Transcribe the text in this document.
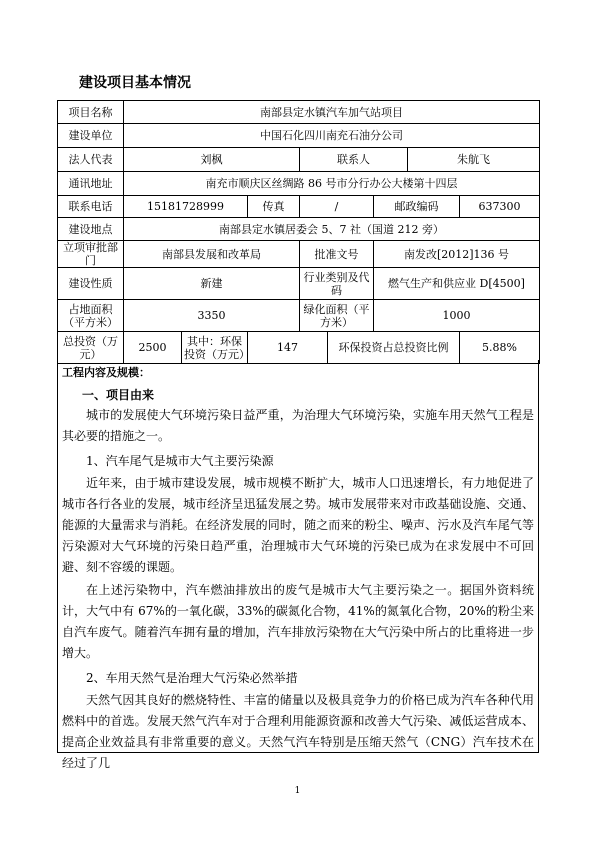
建设项目基本情况
项目名称	南部县定水镇汽车加气站项目							
建设单位	中国石化四川南充石油分公司							
法人代表	刘枫			联系人			朱航飞	
通讯地址	南充市顺庆区丝绸路 86 号市分行办公大楼第十四层							
联系电话	15181728999		传真	/		邮政编码		637300
建设地点	南部县定水镇居委会 5、7 社（国道 212 旁）							
立项审批部门	南部县发展和改革局			批准文号		南发改[2012]136 号		
建设性质	新建			行业类别及代码		燃气生产和供应业 D[4500]		
占地面积（平方米）	3350			绿化面积（平方米）		1000		
总投资（万元）	2500	其中：环保投资（万元）	147		环保投资占总投资比例			5.88%
工程内容及规模：
一、项目由来

城市的发展使大气环境污染日益严重，为治理大气环境污染，实施车用天然气工程是其必要的措施之一。

1、汽车尾气是城市大气主要污染源

近年来，由于城市建设发展，城市规模不断扩大，城市人口迅速增长，有力地促进了城市各行各业的发展，城市经济呈迅猛发展之势。城市发展带来对市政基础设施、交通、能源的大量需求与消耗。在经济发展的同时，随之而来的粉尘、噪声、污水及汽车尾气等污染源对大气环境的污染日趋严重，治理城市大气环境的污染已成为在求发展中不可回避、刻不容缓的课题。

在上述污染物中，汽车燃油排放出的废气是城市大气主要污染之一。据国外资料统计，大气中有 67%的一氧化碳，33%的碳氮化合物，41%的氮氧化合物，20%的粉尘来自汽车废气。随着汽车拥有量的增加，汽车排放污染物在大气污染中所占的比重将进一步增大。

2、车用天然气是治理大气污染必然举措

天然气因其良好的燃烧特性、丰富的储量以及极具竞争力的价格已成为汽车各种代用燃料中的首选。发展天然气汽车对于合理利用能源资源和改善大气污染、减低运营成本、提高企业效益具有非常重要的意义。天然气汽车特别是压缩天然气（CNG）汽车技术在经过了几

1
